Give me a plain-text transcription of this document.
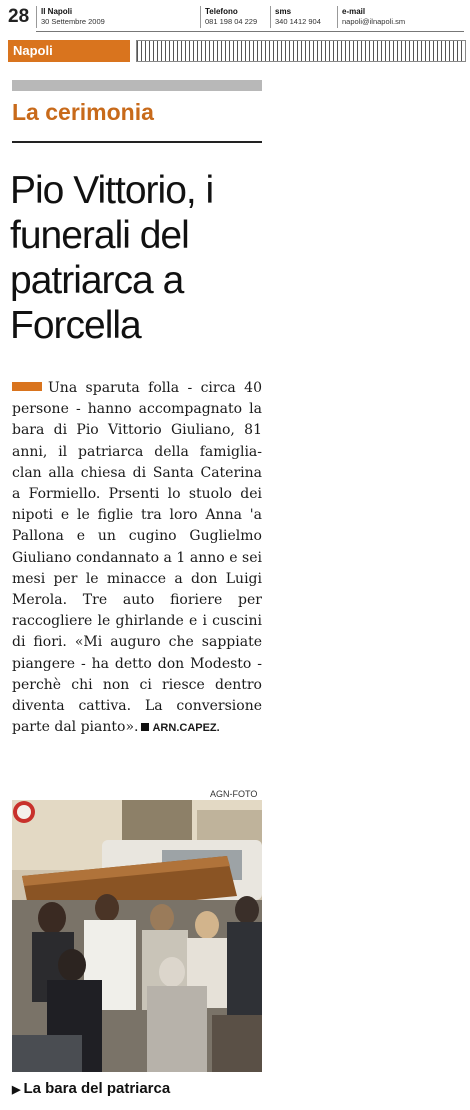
28 Il Napoli
30 Settembre 2009
Telefono
081 198 04 229
sms
340 1412 904
e-mail
napoli@ilnapoli.sm
Napoli
La cerimonia
Pio Vittorio, i funerali del patriarca a Forcella

Una sparuta folla - circa 40 persone - hanno accompagnato la bara di Pio Vittorio Giuliano, 81 anni, il patriarca della famiglia-clan alla chiesa di Santa Caterina a Formiello. Prsenti lo stuolo dei nipoti e le figlie tra loro Anna 'a Pallona e un cugino Guglielmo Giuliano condannato a 1 anno e sei mesi per le minacce a don Luigi Merola. Tre auto fioriere per raccogliere le ghirlande e i cuscini di fiori. «Mi auguro che sappiate piangere - ha detto don Modesto - perchè chi non ci riesce dentro diventa cattiva. La conversione parte dal pianto». ARN.CAPEZ.

AGN-FOTO
▶ La bara del patriarca
